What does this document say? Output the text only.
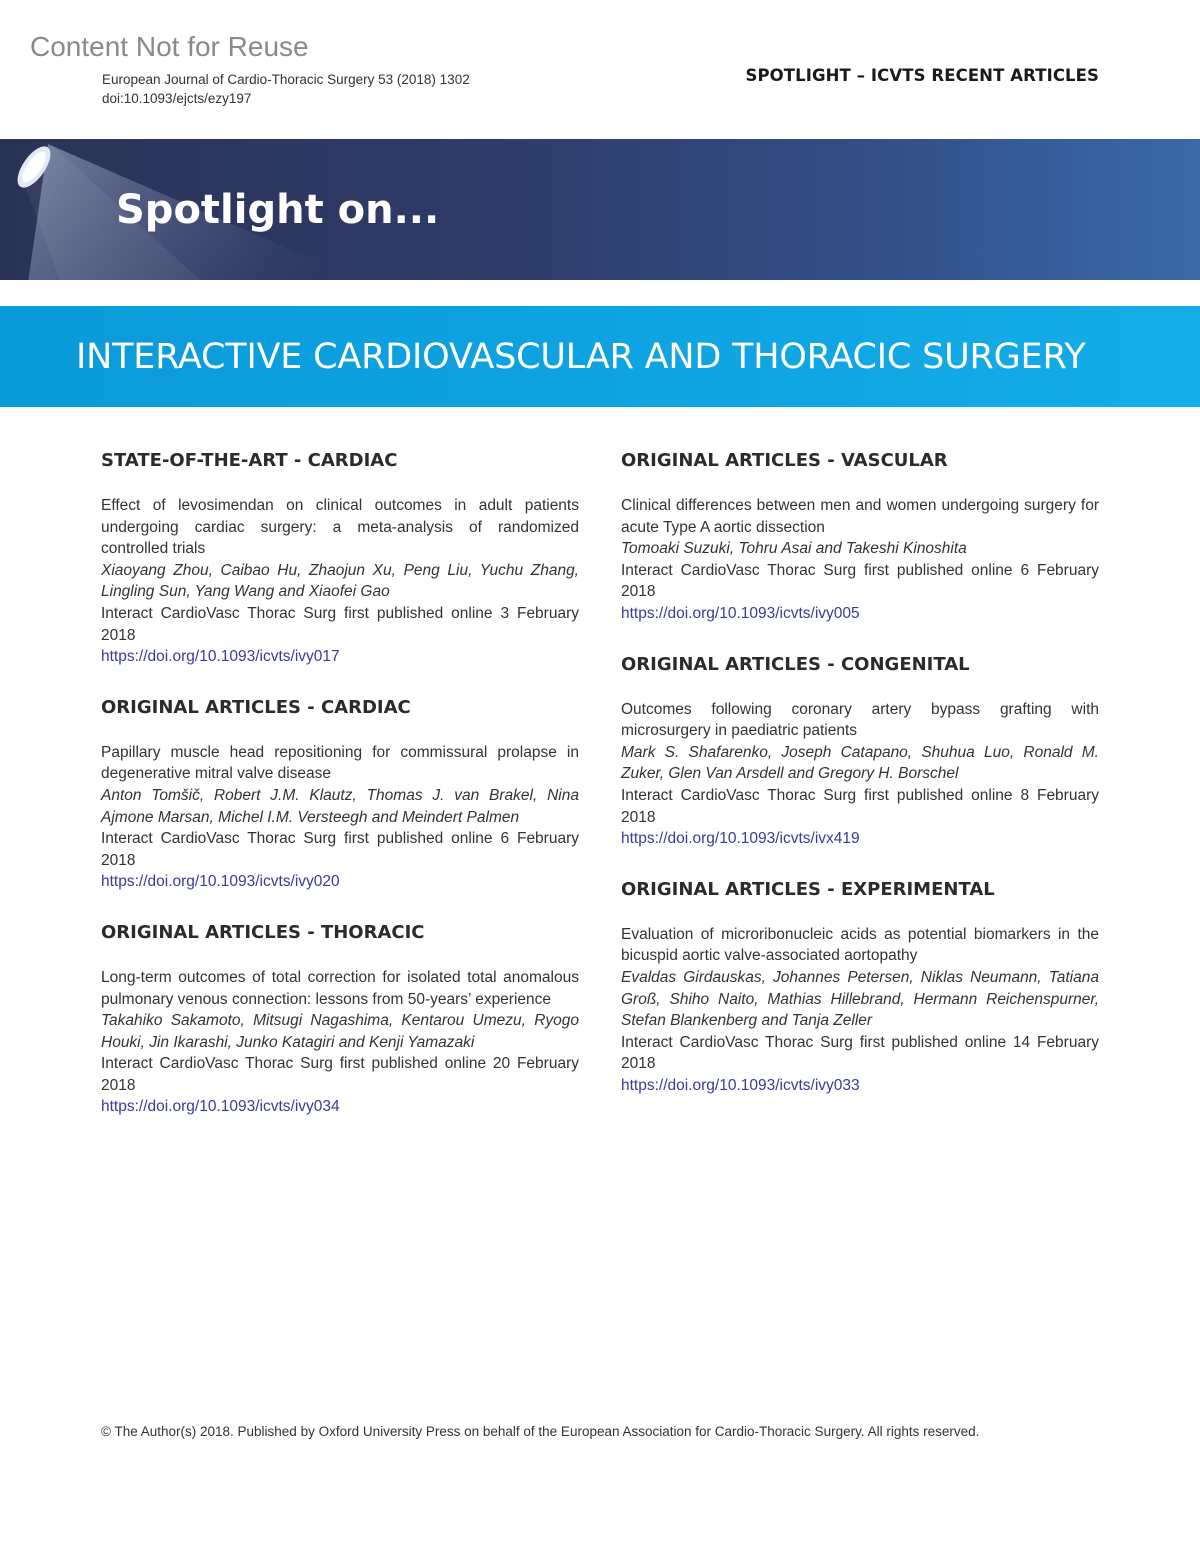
Content Not for Reuse
European Journal of Cardio-Thoracic Surgery 53 (2018) 1302
doi:10.1093/ejcts/ezy197
SPOTLIGHT – ICVTS RECENT ARTICLES
Spotlight on...
INTERACTIVE CARDIOVASCULAR AND THORACIC SURGERY
STATE-OF-THE-ART - CARDIAC
Effect of levosimendan on clinical outcomes in adult patients undergoing cardiac surgery: a meta-analysis of randomized controlled trials
Xiaoyang Zhou, Caibao Hu, Zhaojun Xu, Peng Liu, Yuchu Zhang, Lingling Sun, Yang Wang and Xiaofei Gao
Interact CardioVasc Thorac Surg first published online 3 February 2018
https://doi.org/10.1093/icvts/ivy017
ORIGINAL ARTICLES - CARDIAC
Papillary muscle head repositioning for commissural prolapse in degenerative mitral valve disease
Anton Tomšič, Robert J.M. Klautz, Thomas J. van Brakel, Nina Ajmone Marsan, Michel I.M. Versteegh and Meindert Palmen
Interact CardioVasc Thorac Surg first published online 6 February 2018
https://doi.org/10.1093/icvts/ivy020
ORIGINAL ARTICLES - THORACIC
Long-term outcomes of total correction for isolated total anomalous pulmonary venous connection: lessons from 50-years’ experience
Takahiko Sakamoto, Mitsugi Nagashima, Kentarou Umezu, Ryogo Houki, Jin Ikarashi, Junko Katagiri and Kenji Yamazaki
Interact CardioVasc Thorac Surg first published online 20 February 2018
https://doi.org/10.1093/icvts/ivy034
ORIGINAL ARTICLES - VASCULAR
Clinical differences between men and women undergoing surgery for acute Type A aortic dissection
Tomoaki Suzuki, Tohru Asai and Takeshi Kinoshita
Interact CardioVasc Thorac Surg first published online 6 February 2018
https://doi.org/10.1093/icvts/ivy005
ORIGINAL ARTICLES - CONGENITAL
Outcomes following coronary artery bypass grafting with microsurgery in paediatric patients
Mark S. Shafarenko, Joseph Catapano, Shuhua Luo, Ronald M. Zuker, Glen Van Arsdell and Gregory H. Borschel
Interact CardioVasc Thorac Surg first published online 8 February 2018
https://doi.org/10.1093/icvts/ivx419
ORIGINAL ARTICLES - EXPERIMENTAL
Evaluation of microribonucleic acids as potential biomarkers in the bicuspid aortic valve-associated aortopathy
Evaldas Girdauskas, Johannes Petersen, Niklas Neumann, Tatiana Groß, Shiho Naito, Mathias Hillebrand, Hermann Reichenspurner, Stefan Blankenberg and Tanja Zeller
Interact CardioVasc Thorac Surg first published online 14 February 2018
https://doi.org/10.1093/icvts/ivy033
© The Author(s) 2018. Published by Oxford University Press on behalf of the European Association for Cardio-Thoracic Surgery. All rights reserved.
